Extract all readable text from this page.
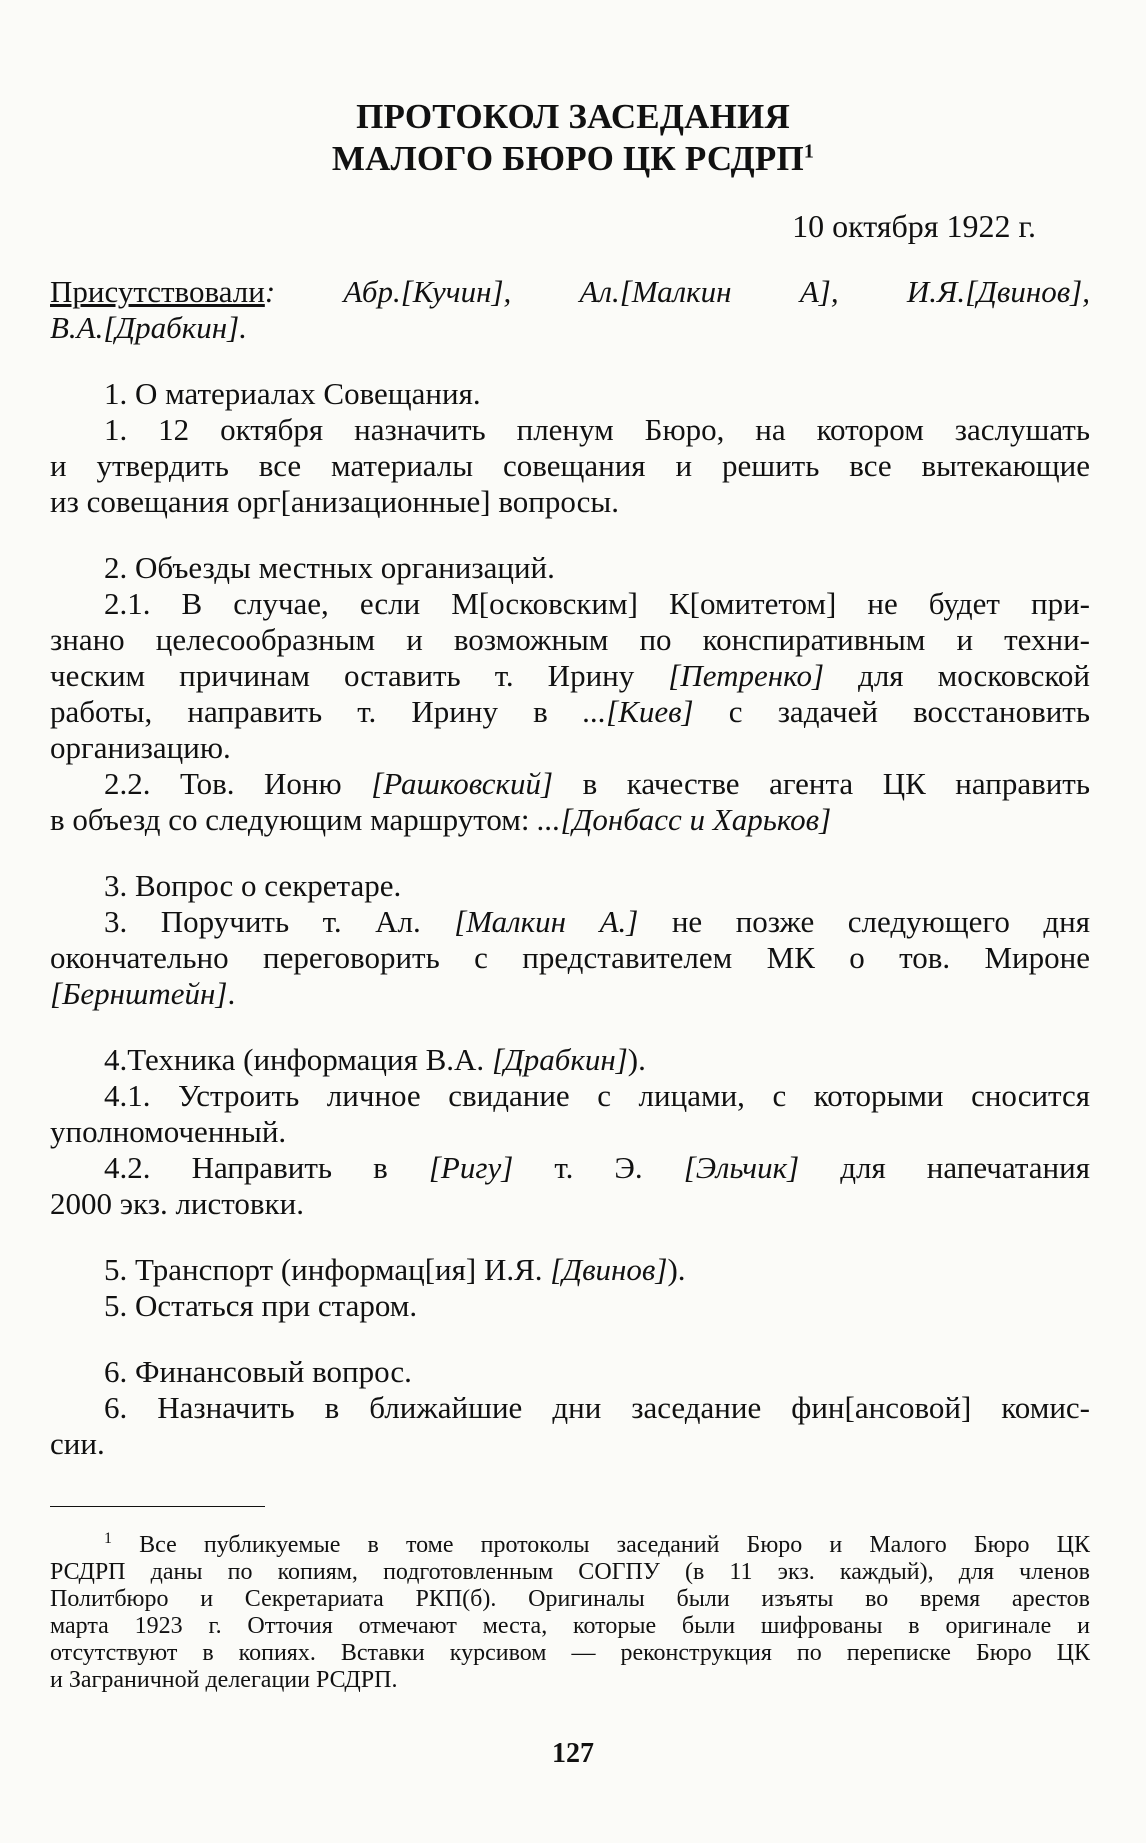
ПРОТОКОЛ ЗАСЕДАНИЯ
МАЛОГО БЮРО ЦК РСДРП$^1$
10 октября 1922 г.
Присутствовали: Абр.[Кучин], Ал.[Малкин А], И.Я.[Двинов],
В.А.[Драбкин].
1. О материалах Совещания.
1. 12 октября назначить пленум Бюро, на котором заслушать
и утвердить все материалы совещания и решить все вытекающие
из совещания орг[анизационные] вопросы.
2. Объезды местных организаций.
2.1. В случае, если М[осковским] К[омитетом] не будет при-
знано целесообразным и возможным по конспиративным и техни-
ческим причинам оставить т. Ирину [Петренко] для московской
работы, направить т. Ирину в ...[Киев] с задачей восстановить
организацию.
2.2. Тов. Ионю [Рашковский] в качестве агента ЦК направить
в объезд со следующим маршрутом: ...[Донбасс и Харьков]
3. Вопрос о секретаре.
3. Поручить т. Ал. [Малкин А.] не позже следующего дня
окончательно переговорить с представителем МК о тов. Мироне
[Бернштейн].
4.Техника (информация В.А. [Драбкин]).
4.1. Устроить личное свидание с лицами, с которыми сносится
уполномоченный.
4.2. Направить в [Ригу] т. Э. [Эльчик] для напечатания
2000 экз. листовки.
5. Транспорт (информац[ия] И.Я. [Двинов]).
5. Остаться при старом.
6. Финансовый вопрос.
6. Назначить в ближайшие дни заседание фин[ансовой] комис-
сии.
$^1$ Все публикуемые в томе протоколы заседаний Бюро и Малого Бюро ЦК
РСДРП даны по копиям, подготовленным СОГПУ (в 11 экз. каждый), для членов
Политбюро и Секретариата РКП(б). Оригиналы были изъяты во время арестов
марта 1923 г. Отточия отмечают места, которые были шифрованы в оригинале и
отсутствуют в копиях. Вставки курсивом — реконструкция по переписке Бюро ЦК
и Заграничной делегации РСДРП.
127
